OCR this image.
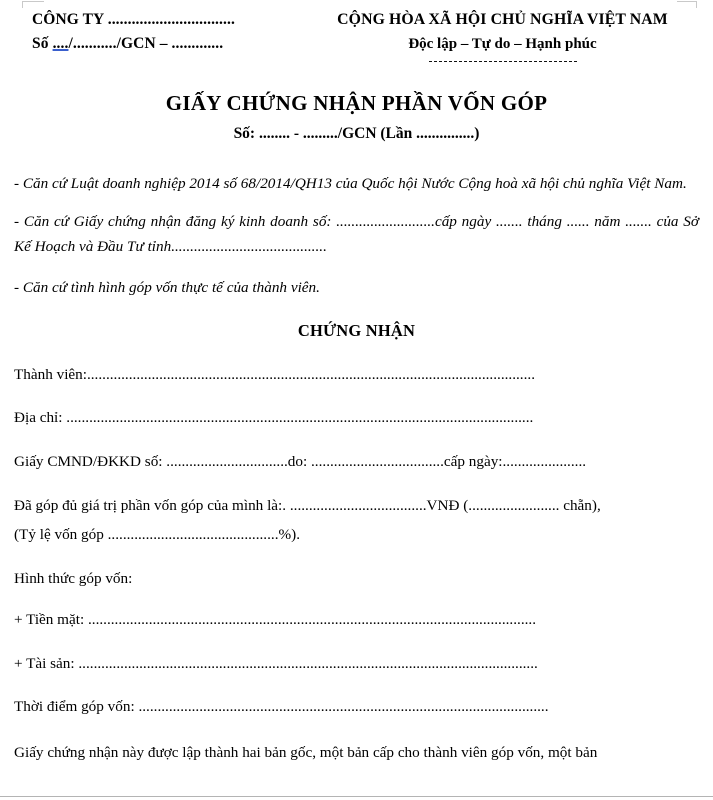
CÔNG TY ................................
Số ..../.........../GCN – .............
CỘNG HÒA XÃ HỘI CHỦ NGHĨA VIỆT NAM
Độc lập – Tự do – Hạnh phúc
GIẤY CHỨNG NHẬN PHẦN VỐN GÓP
Số: ........ - ........./GCN (Lần ...............)

- Căn cứ Luật doanh nghiệp 2014 số 68/2014/QH13 của Quốc hội Nước Cộng hoà xã hội chủ nghĩa Việt Nam.

- Căn cứ Giấy chứng nhận đăng ký kinh doanh số: ..........................cấp ngày ....... tháng ...... năm ....... của Sở Kế Hoạch và Đầu Tư tỉnh.........................................

- Căn cứ tình hình góp vốn thực tế của thành viên.

CHỨNG NHẬN
Thành viên:......................................................................................................................
Địa chỉ: ...........................................................................................................................
Giấy CMND/ĐKKD số: ................................do: ...................................cấp ngày:......................
Đã góp đủ giá trị phần vốn góp của mình là:. ....................................VNĐ (........................ chẵn),
(Tỷ lệ vốn góp .............................................%).
Hình thức góp vốn:
+ Tiền mặt: ......................................................................................................................
+ Tài sản: .........................................................................................................................
Thời điểm góp vốn: ............................................................................................................
Giấy chứng nhận này được lập thành hai bản gốc, một bản cấp cho thành viên góp vốn, một bản
